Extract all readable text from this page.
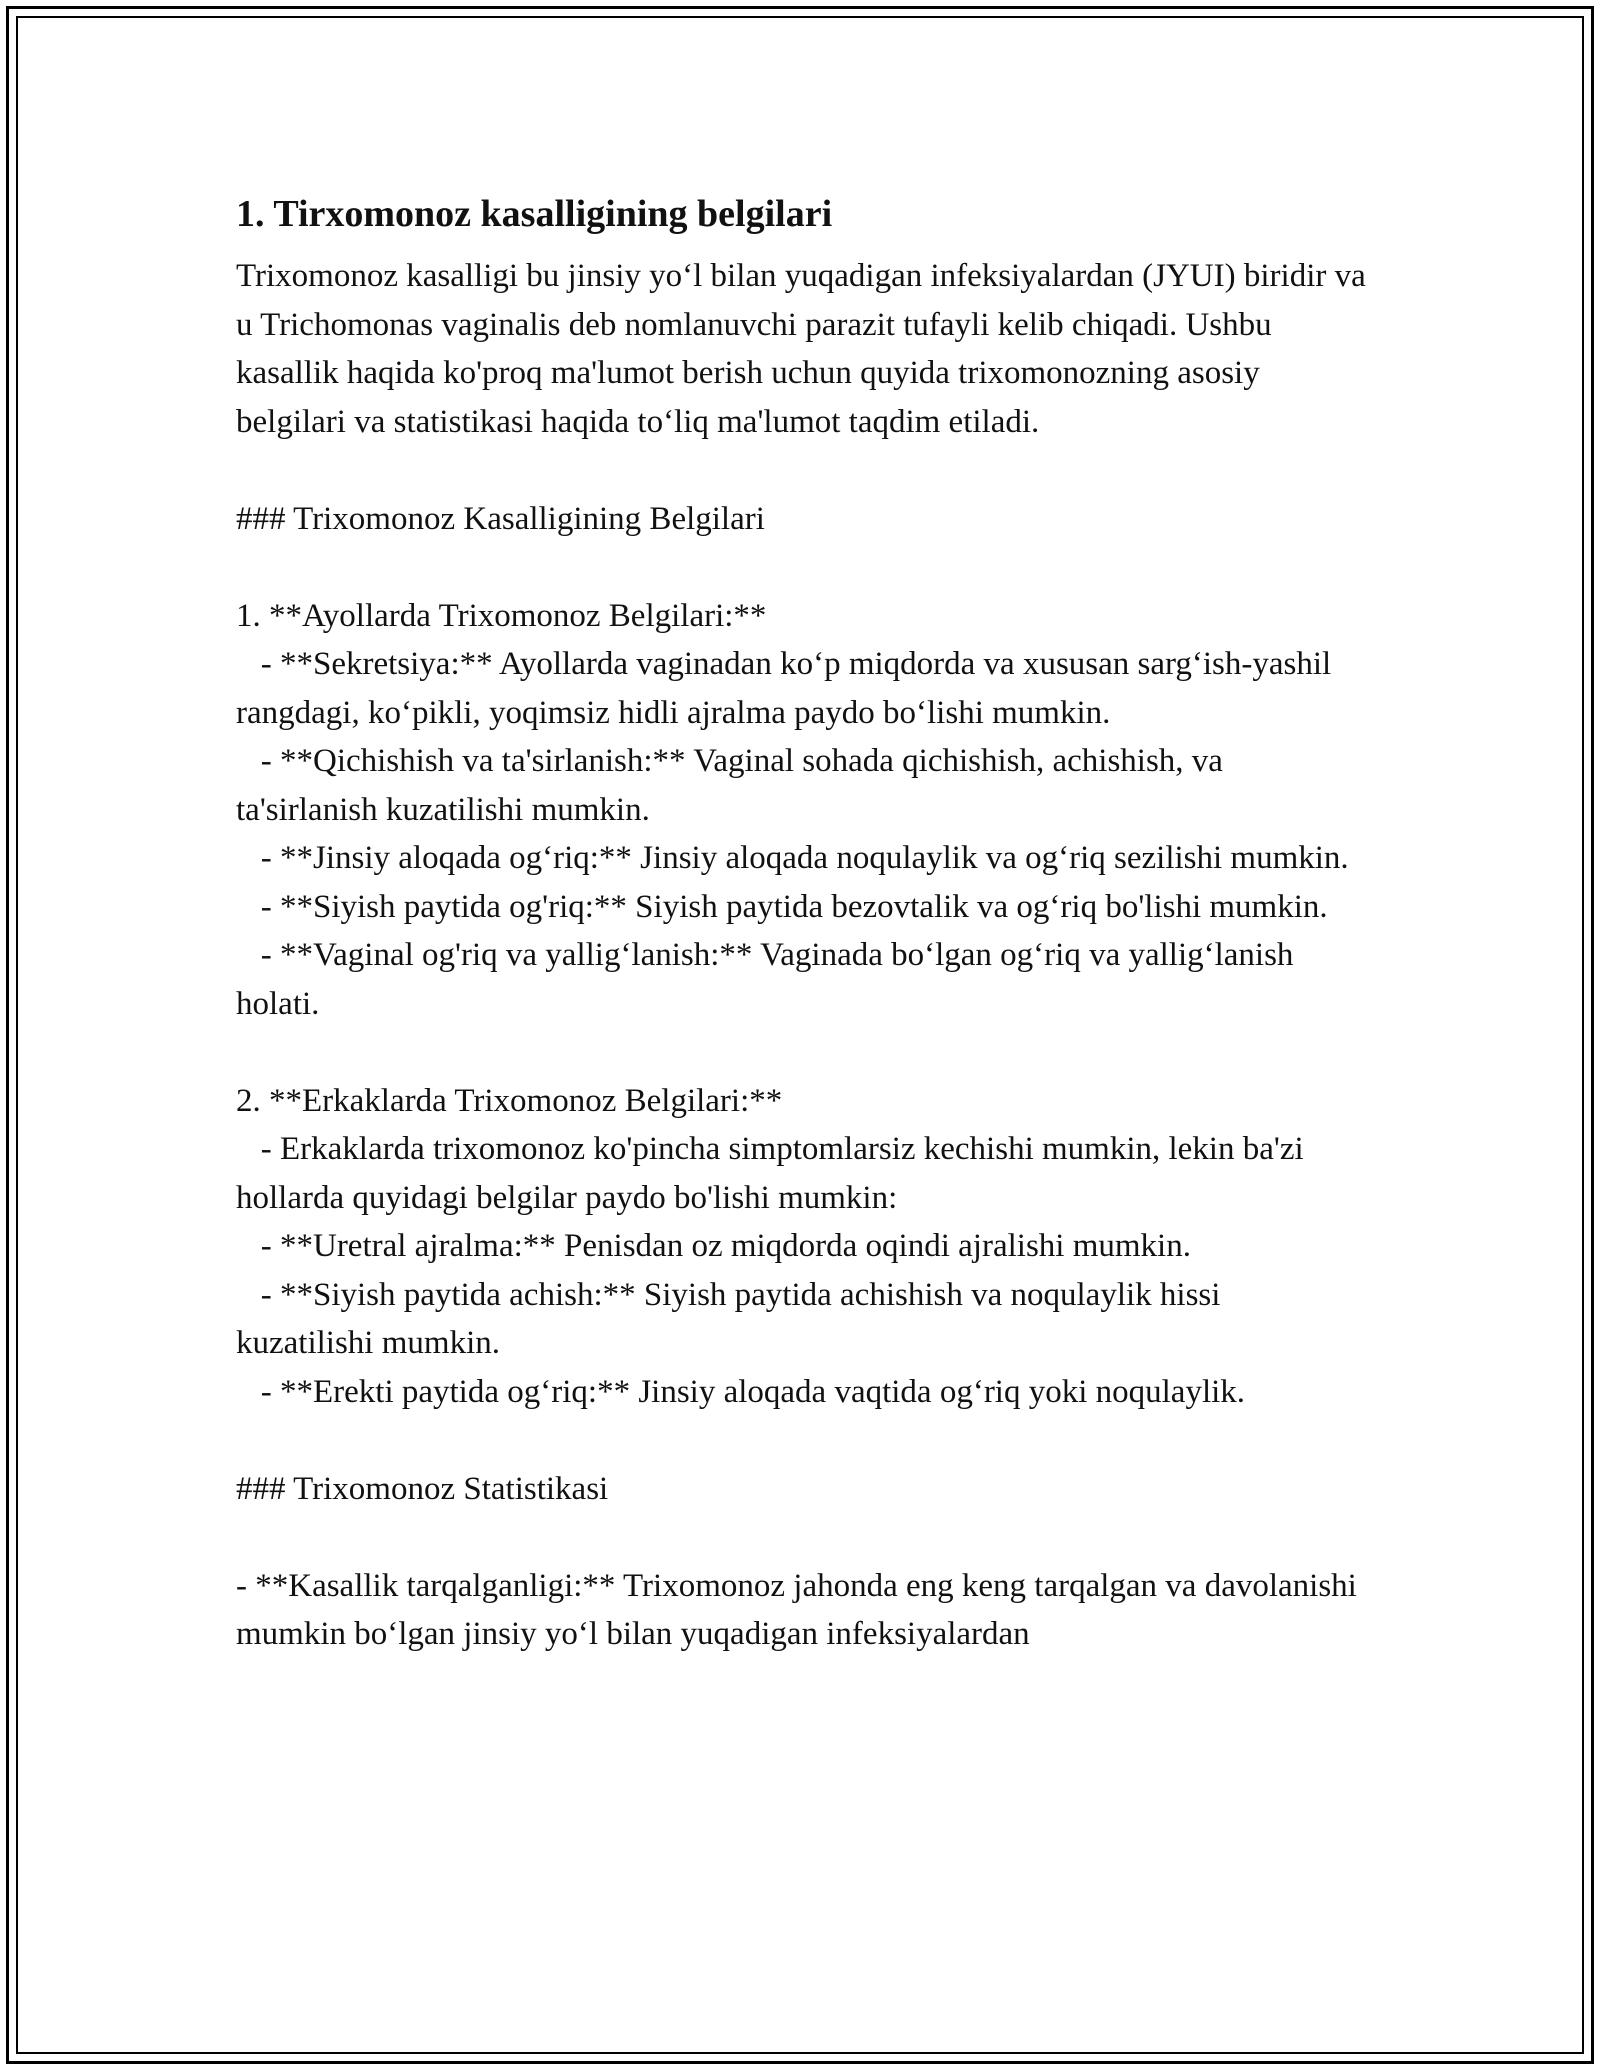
1. Tirxomonoz kasalligining belgilari

Trixomonoz kasalligi bu jinsiy yo‘l bilan yuqadigan infeksiyalardan (JYUI) biridir va u Trichomonas vaginalis deb nomlanuvchi parazit tufayli kelib chiqadi. Ushbu kasallik haqida ko'proq ma'lumot berish uchun quyida trixomonozning asosiy belgilari va statistikasi haqida to‘liq ma'lumot taqdim etiladi.

### Trixomonoz Kasalligining Belgilari

1. **Ayollarda Trixomonoz Belgilari:**

- **Sekretsiya:** Ayollarda vaginadan ko‘p miqdorda va xususan sarg‘ish-yashil rangdagi, ko‘pikli, yoqimsiz hidli ajralma paydo bo‘lishi mumkin.

- **Qichishish va ta'sirlanish:** Vaginal sohada qichishish, achishish, va ta'sirlanish kuzatilishi mumkin.

- **Jinsiy aloqada og‘riq:** Jinsiy aloqada noqulaylik va og‘riq sezilishi mumkin.

- **Siyish paytida og'riq:** Siyish paytida bezovtalik va og‘riq bo'lishi mumkin.

- **Vaginal og'riq va yallig‘lanish:** Vaginada bo‘lgan og‘riq va yallig‘lanish holati.

2. **Erkaklarda Trixomonoz Belgilari:**

- Erkaklarda trixomonoz ko'pincha simptomlarsiz kechishi mumkin, lekin ba'zi hollarda quyidagi belgilar paydo bo'lishi mumkin:

- **Uretral ajralma:** Penisdan oz miqdorda oqindi ajralishi mumkin.

- **Siyish paytida achish:** Siyish paytida achishish va noqulaylik hissi kuzatilishi mumkin.

- **Erekti paytida og‘riq:** Jinsiy aloqada vaqtida og‘riq yoki noqulaylik.

### Trixomonoz Statistikasi

- **Kasallik tarqalganligi:** Trixomonoz jahonda eng keng tarqalgan va davolanishi mumkin bo‘lgan jinsiy yo‘l bilan yuqadigan infeksiyalardan
